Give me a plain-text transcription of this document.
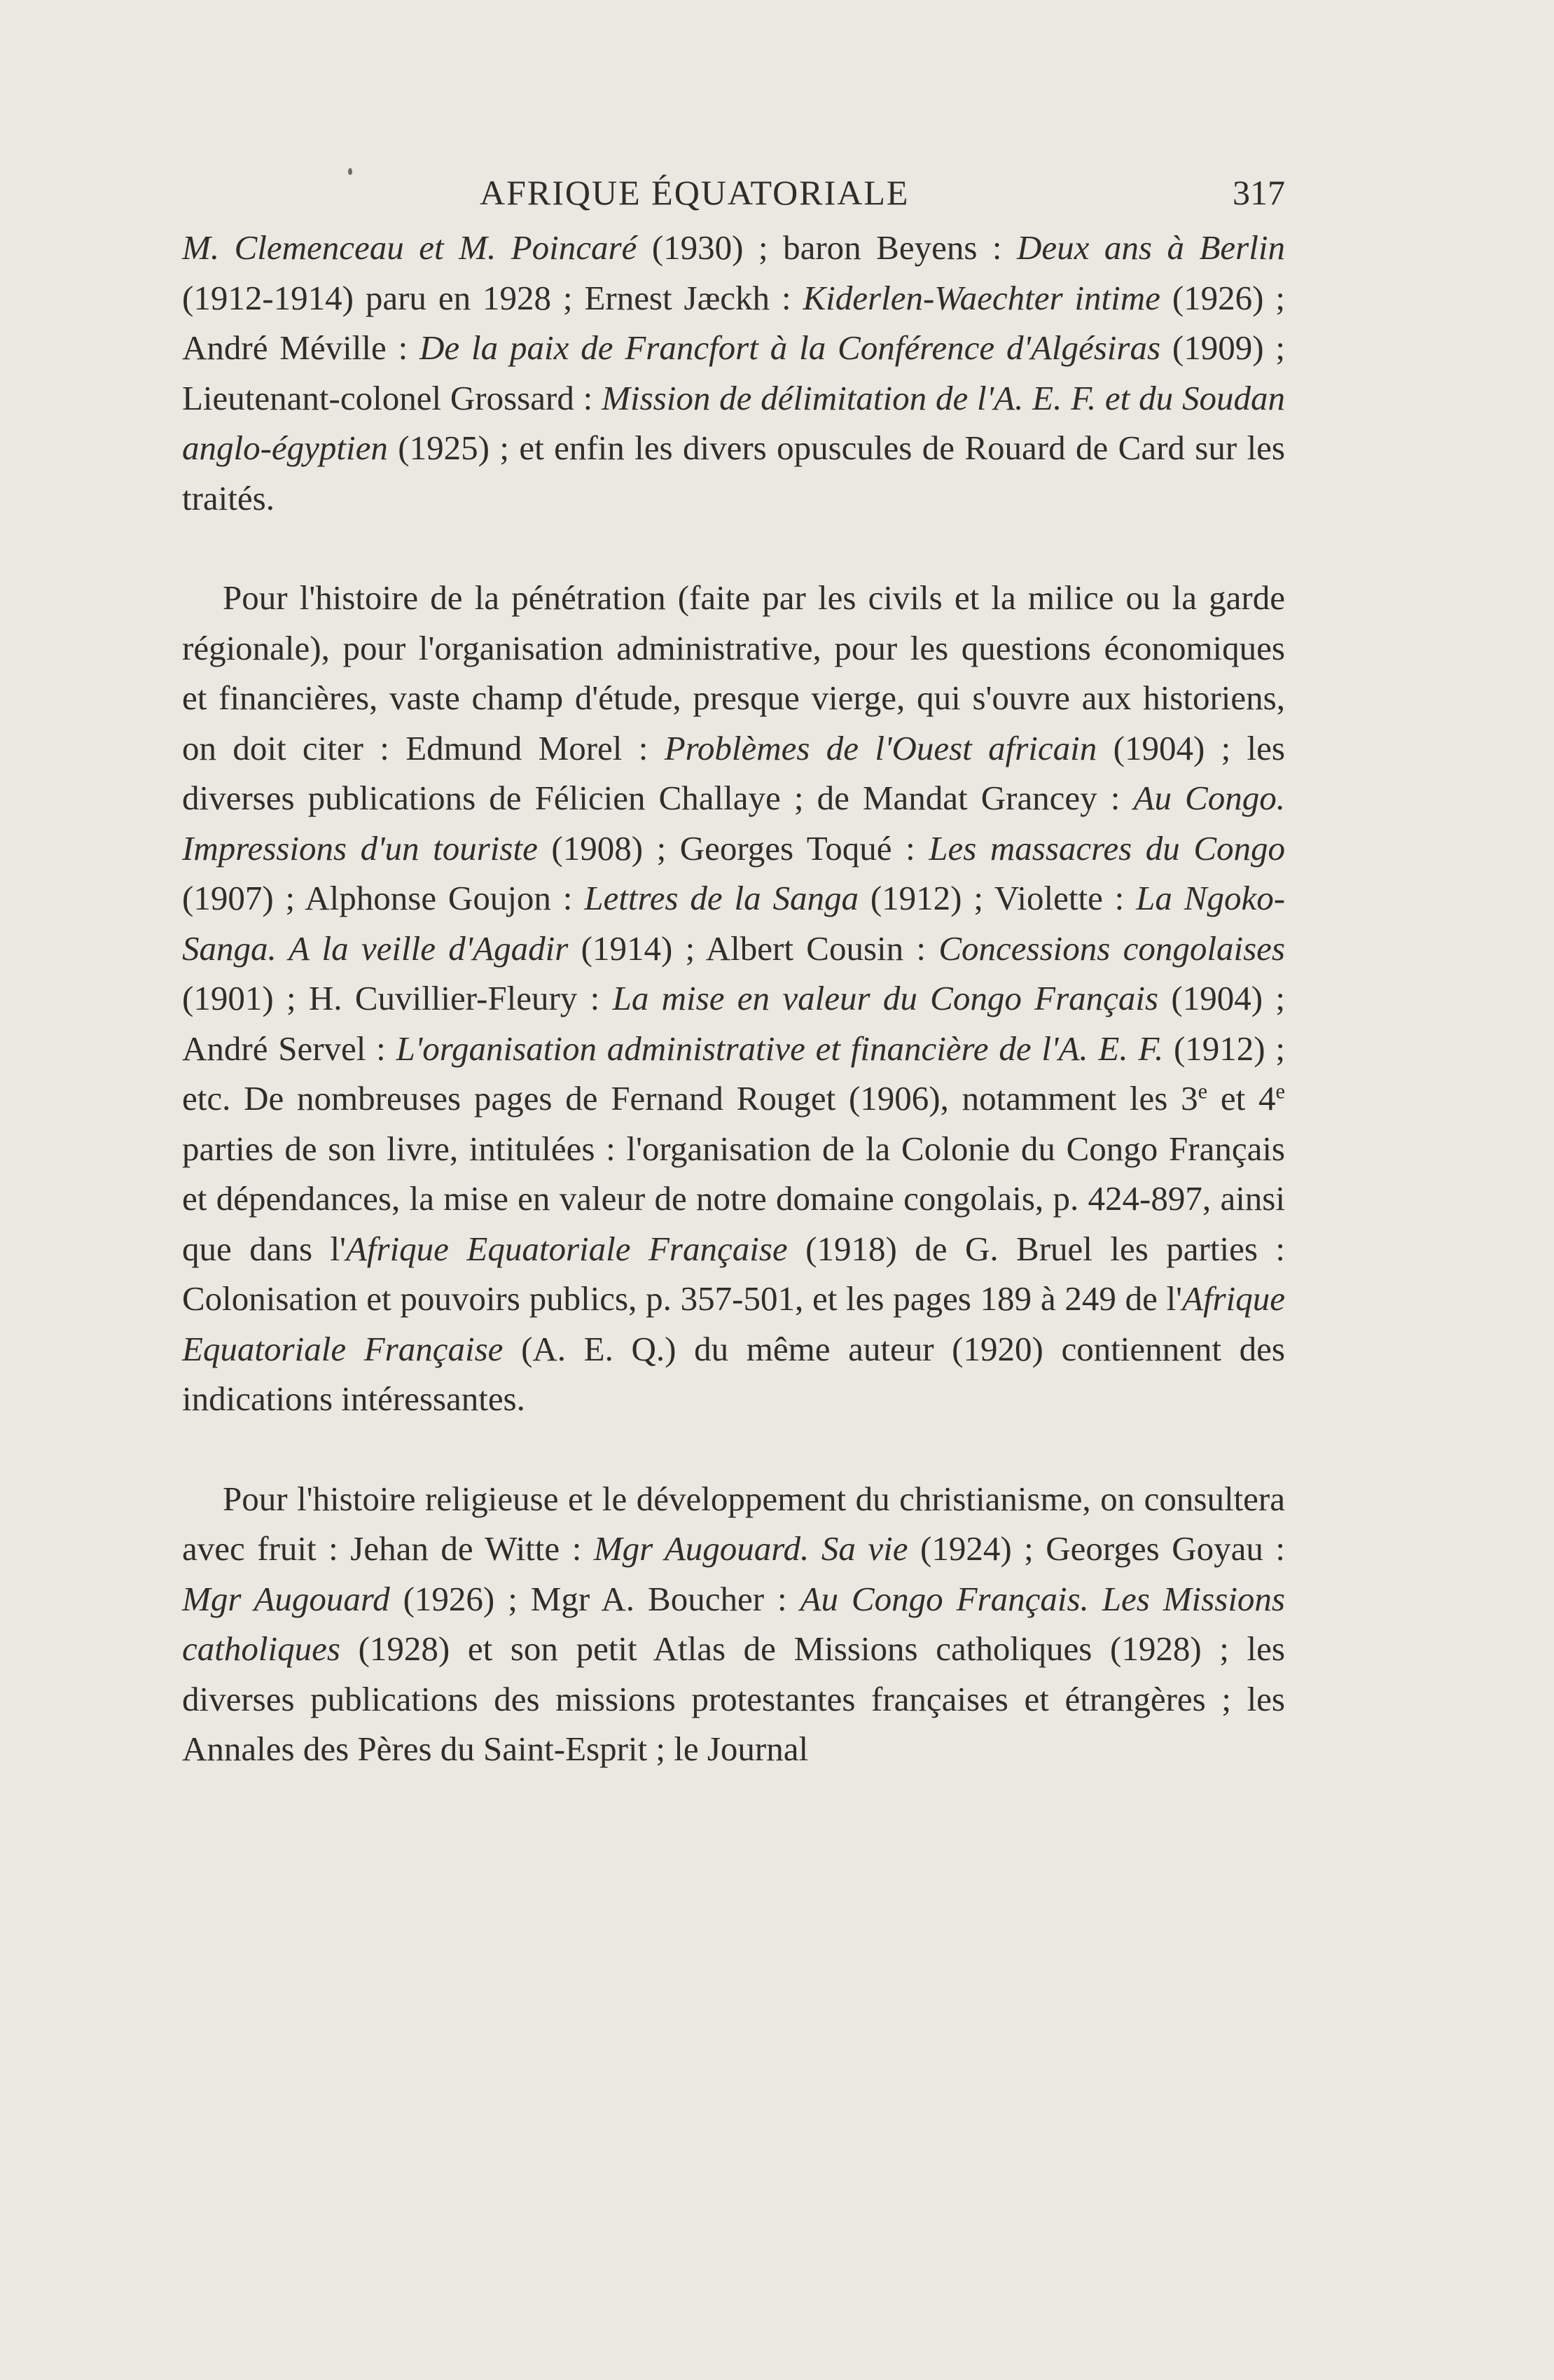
AFRIQUE ÉQUATORIALE	317

M. Clemenceau et M. Poincaré (1930) ; baron Beyens : Deux ans à Berlin (1912-1914) paru en 1928 ; Ernest Jæckh : Kiderlen-Waechter intime (1926) ; André Méville : De la paix de Francfort à la Conférence d'Algésiras (1909) ; Lieutenant-colonel Grossard : Mission de délimitation de l'A. E. F. et du Soudan anglo-égyptien (1925) ; et enfin les divers opuscules de Rouard de Card sur les traités.

Pour l'histoire de la pénétration (faite par les civils et la milice ou la garde régionale), pour l'organisation administrative, pour les questions économiques et financières, vaste champ d'étude, presque vierge, qui s'ouvre aux historiens, on doit citer : Edmund Morel : Problèmes de l'Ouest africain (1904) ; les diverses publications de Félicien Challaye ; de Mandat Grancey : Au Congo. Impressions d'un touriste (1908) ; Georges Toqué : Les massacres du Congo (1907) ; Alphonse Goujon : Lettres de la Sanga (1912) ; Violette : La Ngoko-Sanga. A la veille d'Agadir (1914) ; Albert Cousin : Concessions congolaises (1901) ; H. Cuvillier-Fleury : La mise en valeur du Congo Français (1904) ; André Servel : L'organisation administrative et financière de l'A. E. F. (1912) ; etc. De nombreuses pages de Fernand Rouget (1906), notamment les 3e et 4e parties de son livre, intitulées : l'organisation de la Colonie du Congo Français et dépendances, la mise en valeur de notre domaine congolais, p. 424-897, ainsi que dans l'Afrique Equatoriale Française (1918) de G. Bruel les parties : Colonisation et pouvoirs publics, p. 357-501, et les pages 189 à 249 de l'Afrique Equatoriale Française (A. E. Q.) du même auteur (1920) contiennent des indications intéressantes.

Pour l'histoire religieuse et le développement du christianisme, on consultera avec fruit : Jehan de Witte : Mgr Augouard. Sa vie (1924) ; Georges Goyau : Mgr Augouard (1926) ; Mgr A. Boucher : Au Congo Français. Les Missions catholiques (1928) et son petit Atlas de Missions catholiques (1928) ; les diverses publications des missions protestantes françaises et étrangères ; les Annales des Pères du Saint-Esprit ; le Journal
